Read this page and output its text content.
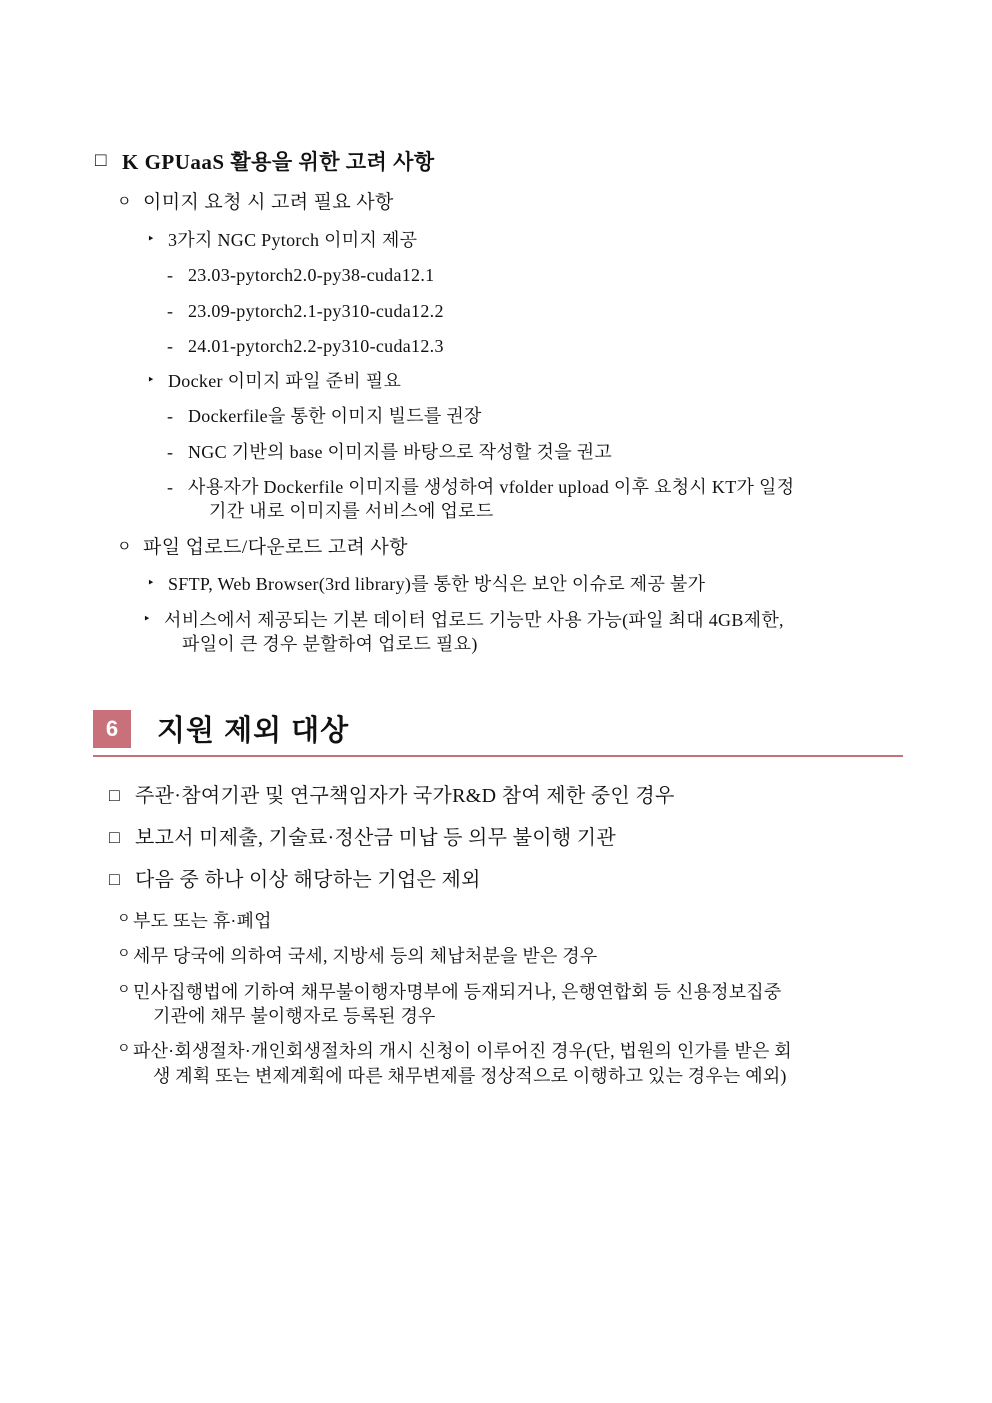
□ K GPUaaS 활용을 위한 고려 사항
ㅇ 이미지 요청 시 고려 필요 사항
‣ 3가지 NGC Pytorch 이미지 제공
- 23.03-pytorch2.0-py38-cuda12.1
- 23.09-pytorch2.1-py310-cuda12.2
- 24.01-pytorch2.2-py310-cuda12.3
‣ Docker 이미지 파일 준비 필요
- Dockerfile을 통한 이미지 빌드를 권장
- NGC 기반의 base 이미지를 바탕으로 작성할 것을 권고
- 사용자가 Dockerfile 이미지를 생성하여 vfolder upload 이후 요청시 KT가 일정
기간 내로 이미지를 서비스에 업로드
ㅇ 파일 업로드/다운로드 고려 사항
‣ SFTP, Web Browser(3rd library)를 통한 방식은 보안 이슈로 제공 불가
‣ 서비스에서 제공되는 기본 데이터 업로드 기능만 사용 가능(파일 최대 4GB제한,
파일이 큰 경우 분할하여 업로드 필요)
6	지원 제외 대상
□ 주관·참여기관 및 연구책임자가 국가R&D 참여 제한 중인 경우
□ 보고서 미제출, 기술료·정산금 미납 등 의무 불이행 기관
□ 다음 중 하나 이상 해당하는 기업은 제외
ㅇ 부도 또는 휴·폐업
ㅇ 세무 당국에 의하여 국세, 지방세 등의 체납처분을 받은 경우
ㅇ 민사집행법에 기하여 채무불이행자명부에 등재되거나, 은행연합회 등 신용정보집중
기관에 채무 불이행자로 등록된 경우
ㅇ 파산·회생절차·개인회생절차의 개시 신청이 이루어진 경우(단, 법원의 인가를 받은 회
생 계획 또는 변제계획에 따른 채무변제를 정상적으로 이행하고 있는 경우는 예외)
